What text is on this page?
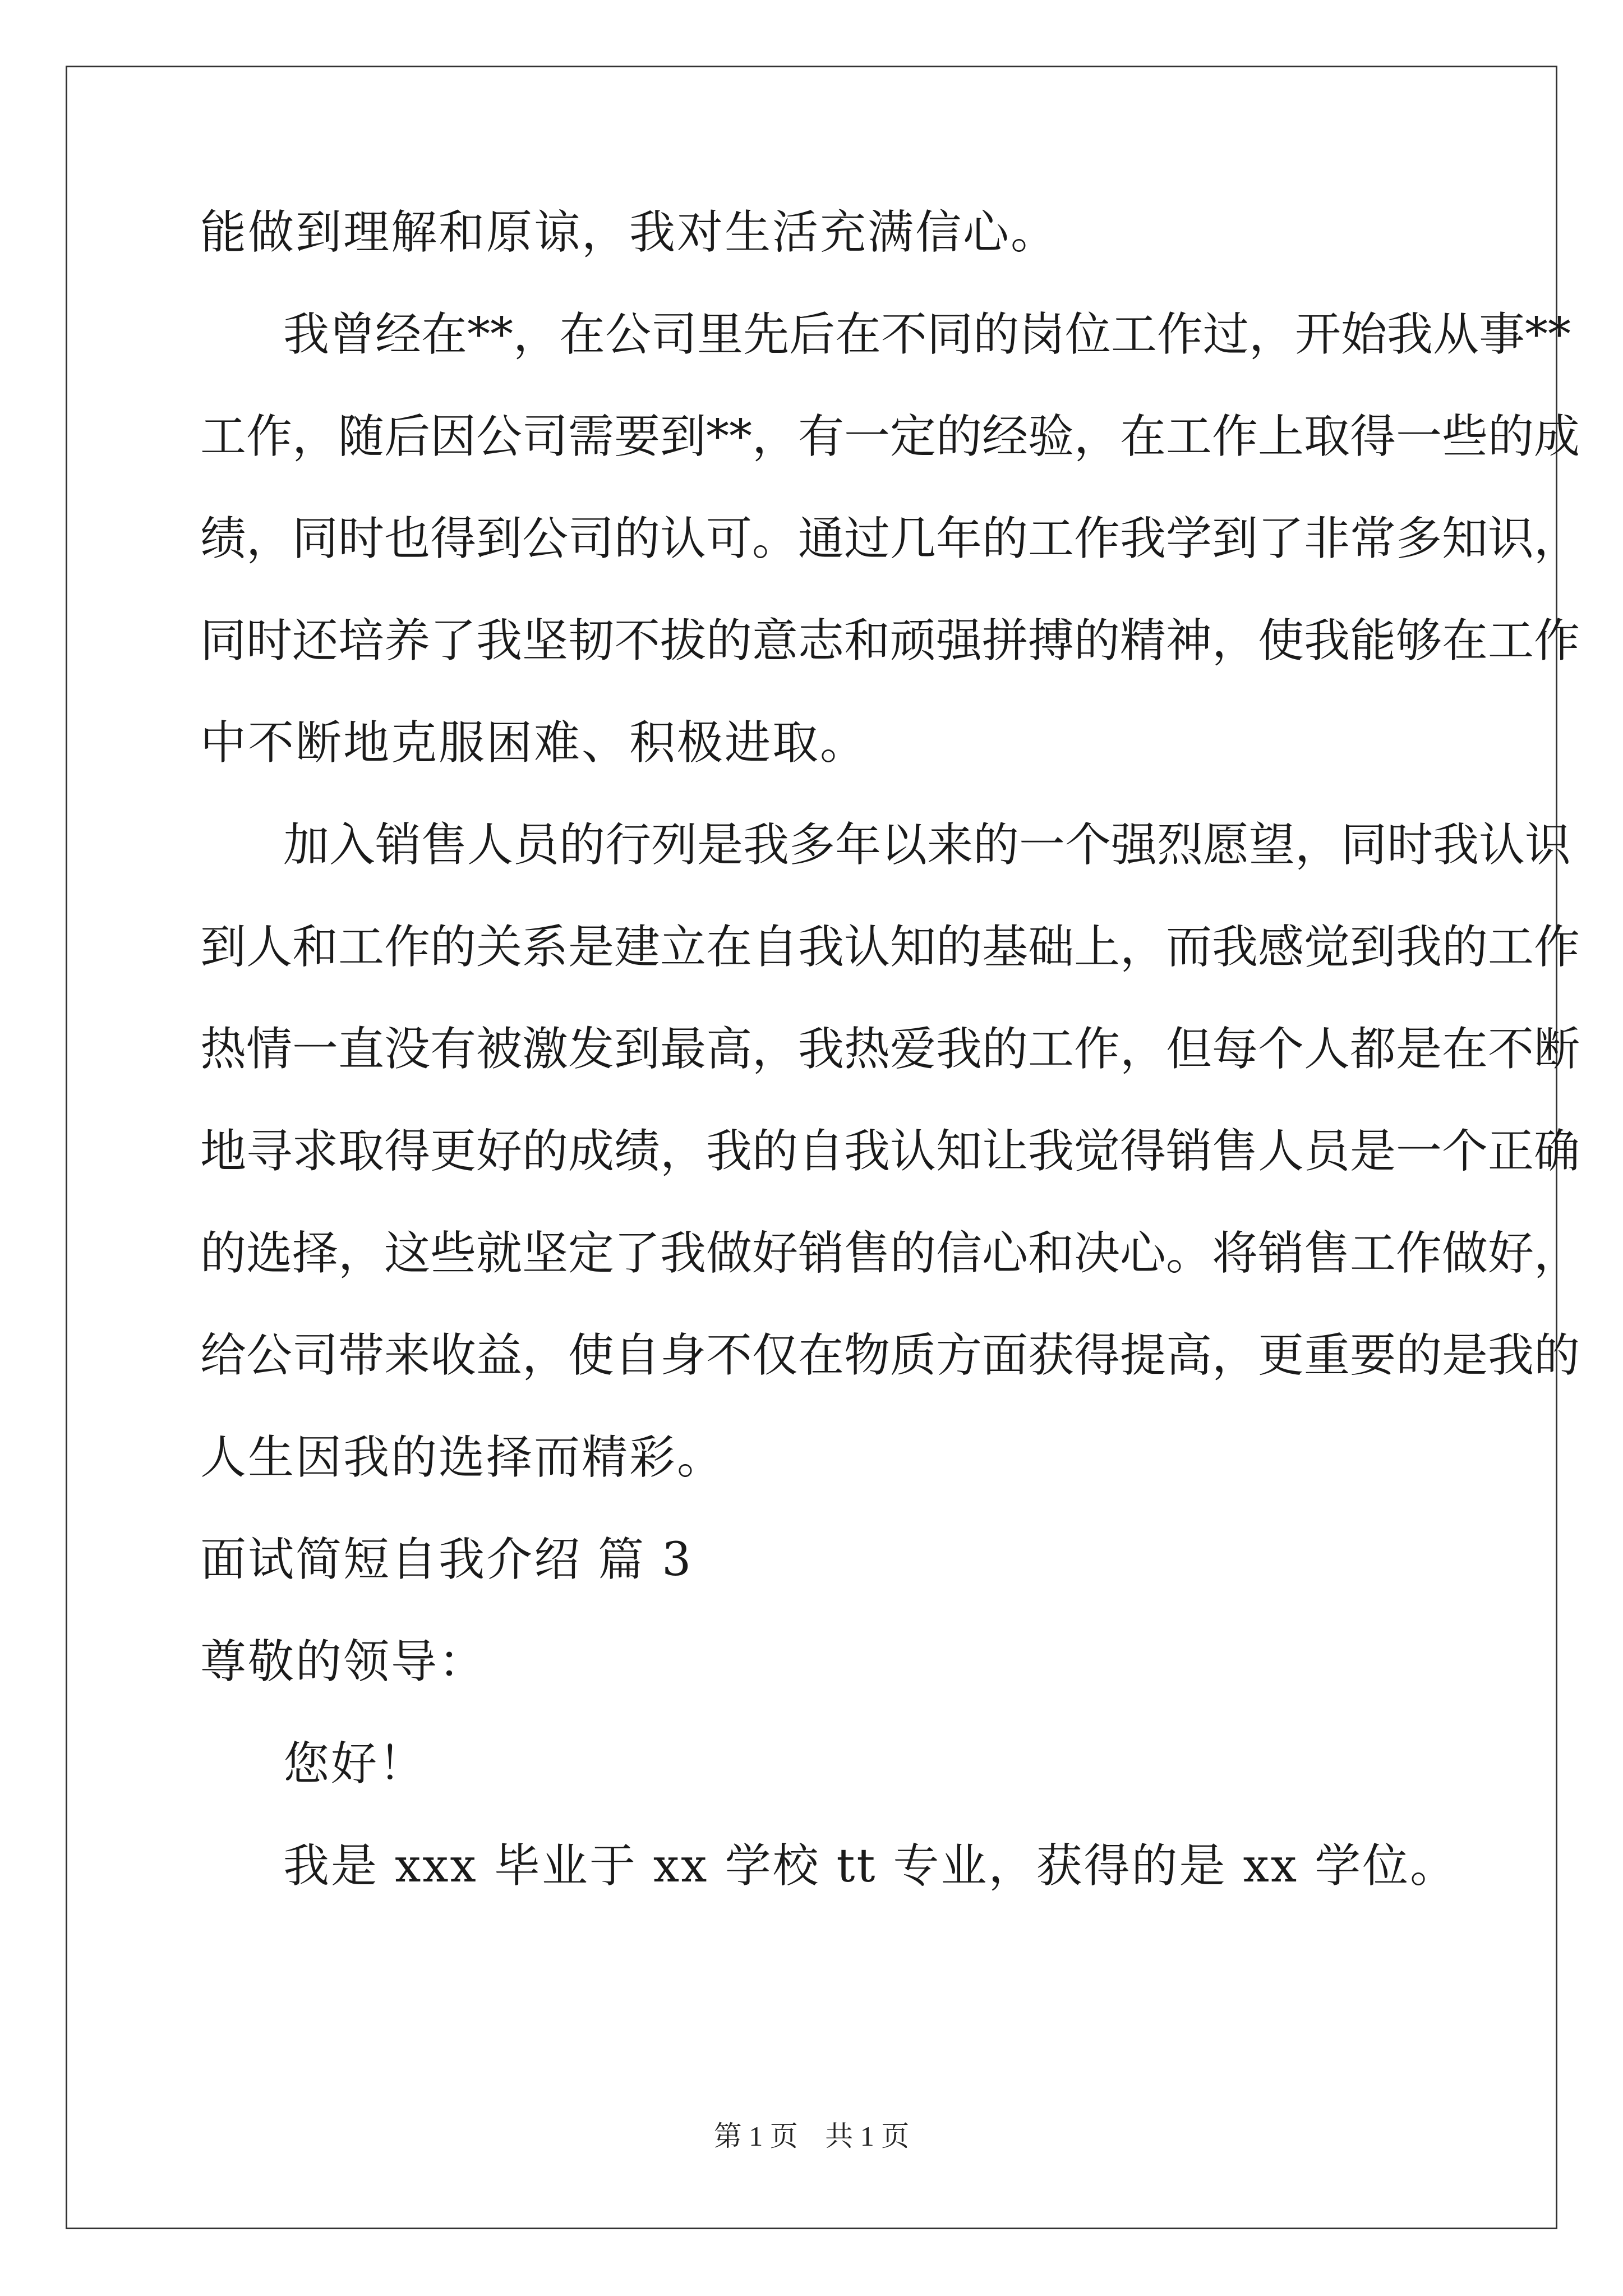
能做到理解和原谅，我对生活充满信心。
我曾经在**，在公司里先后在不同的岗位工作过，开始我从事**
工作，随后因公司需要到**，有一定的经验，在工作上取得一些的成
绩，同时也得到公司的认可。通过几年的工作我学到了非常多知识，
同时还培养了我坚韧不拔的意志和顽强拼搏的精神，使我能够在工作
中不断地克服困难、积极进取。
加入销售人员的行列是我多年以来的一个强烈愿望，同时我认识
到人和工作的关系是建立在自我认知的基础上，而我感觉到我的工作
热情一直没有被激发到最高，我热爱我的工作，但每个人都是在不断
地寻求取得更好的成绩，我的自我认知让我觉得销售人员是一个正确
的选择，这些就坚定了我做好销售的信心和决心。将销售工作做好，
给公司带来收益，使自身不仅在物质方面获得提高，更重要的是我的
人生因我的选择而精彩。
面试简短自我介绍 篇 3
尊敬的领导：
您好！
我是 xxx 毕业于 xx 学校 tt 专业，获得的是 xx 学位。
第 1 页 共 1 页
